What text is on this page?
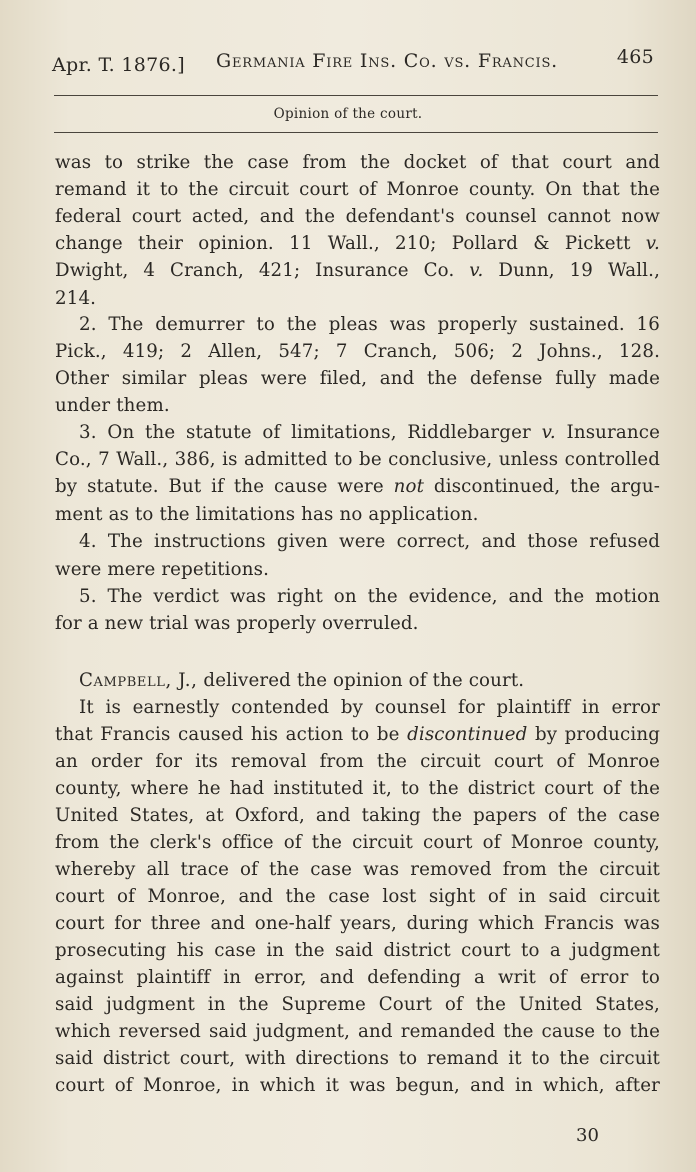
Apr. T. 1876.] Germania Fire Ins. Co. vs. Francis.	465
Opinion of the court.
was to strike the case from the docket of that court and
remand it to the circuit court of Monroe county. On that the
federal court acted, and the defendant's counsel cannot now
change their opinion. 11 Wall., 210; Pollard & Pickett v.
Dwight, 4 Cranch, 421; Insurance Co. v. Dunn, 19 Wall.,
214.
2. The demurrer to the pleas was properly sustained. 16
Pick., 419; 2 Allen, 547; 7 Cranch, 506; 2 Johns., 128.
Other similar pleas were filed, and the defense fully made
under them.
3. On the statute of limitations, Riddlebarger v. Insurance
Co., 7 Wall., 386, is admitted to be conclusive, unless controlled
by statute. But if the cause were not discontinued, the argu-
ment as to the limitations has no application.
4. The instructions given were correct, and those refused
were mere repetitions.
5. The verdict was right on the evidence, and the motion
for a new trial was properly overruled.
Campbell, J., delivered the opinion of the court.
It is earnestly contended by counsel for plaintiff in error
that Francis caused his action to be discontinued by producing
an order for its removal from the circuit court of Monroe
county, where he had instituted it, to the district court of the
United States, at Oxford, and taking the papers of the case
from the clerk's office of the circuit court of Monroe county,
whereby all trace of the case was removed from the circuit
court of Monroe, and the case lost sight of in said circuit
court for three and one-half years, during which Francis was
prosecuting his case in the said district court to a judgment
against plaintiff in error, and defending a writ of error to
said judgment in the Supreme Court of the United States,
which reversed said judgment, and remanded the cause to the
said district court, with directions to remand it to the circuit
court of Monroe, in which it was begun, and in which, after
30
